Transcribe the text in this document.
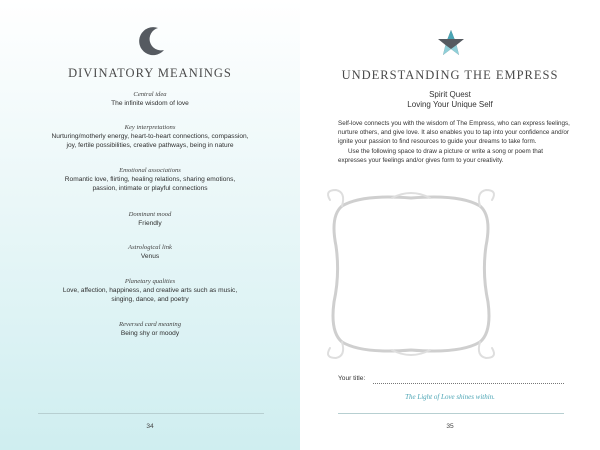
DIVINATORY MEANINGS
Central idea
The infinite wisdom of love
Key interpretations
Nurturing/motherly energy, heart-to-heart connections, compassion,
joy, fertile possibilities, creative pathways, being in nature
Emotional associations
Romantic love, flirting, healing relations, sharing emotions,
passion, intimate or playful connections
Dominant mood
Friendly
Astrological link
Venus
Planetary qualities
Love, affection, happiness, and creative arts such as music,
singing, dance, and poetry
Reversed card meaning
Being shy or moody
34
UNDERSTANDING THE EMPRESS
Spirit Quest
Loving Your Unique Self

Self-love connects you with the wisdom of The Empress, who can express feelings, nurture others, and give love. It also enables you to tap into your confidence and/or ignite your passion to find resources to guide your dreams to take form.

Use the following space to draw a picture or write a song or poem that expresses your feelings and/or gives form to your creativity.

Your title:
The Light of Love shines within.
35
